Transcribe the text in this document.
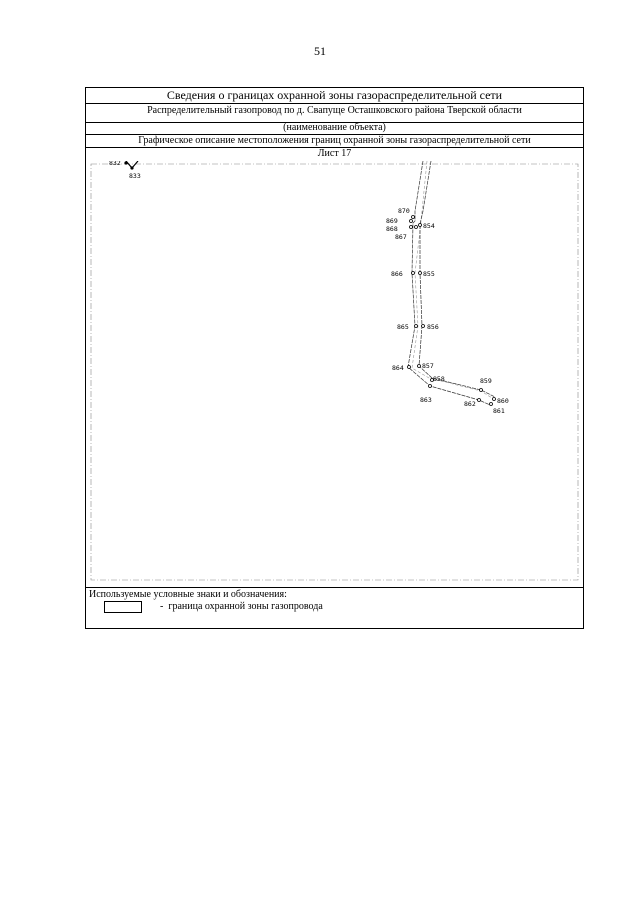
51
Сведения о границах охранной зоны газораспределительной сети
Распределительный газопровод по д. Свапуще Осташковского района Тверской области
(наименование объекта)
Графическое описание местоположения границ охранной зоны газораспределительной сети
Лист 17
832
833
870
869
868
867
854
866	855
865	856
864	857
858	859
863	862	860
861
Используемые условные знаки и обозначения:
- граница охранной зоны газопровода
